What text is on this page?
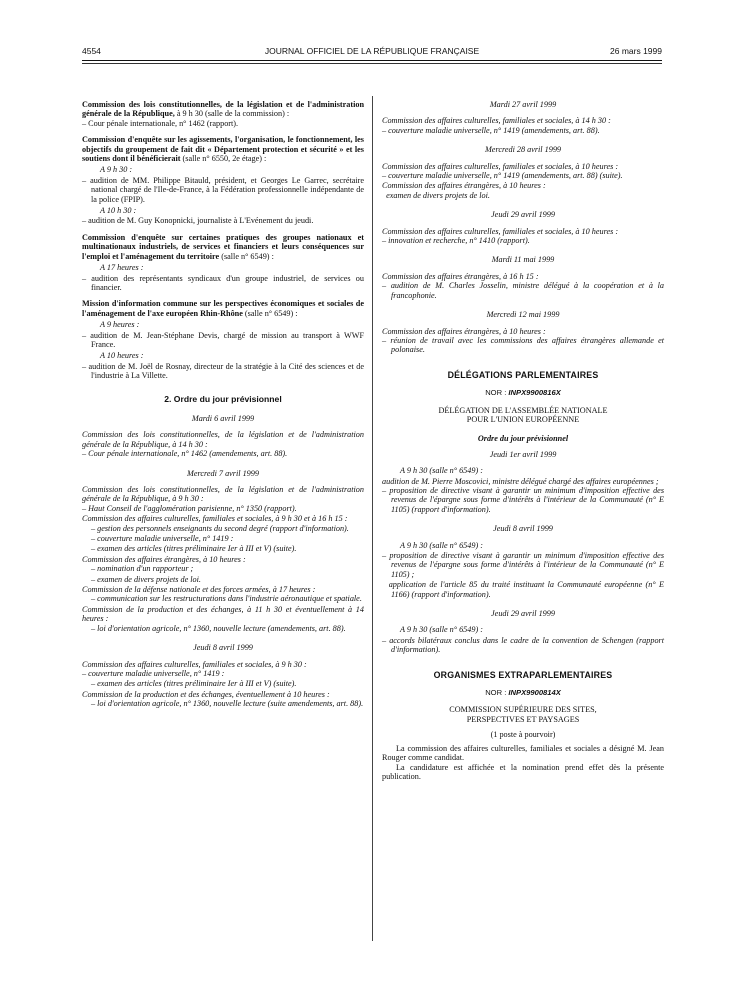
4554	JOURNAL OFFICIEL DE LA RÉPUBLIQUE FRANÇAISE	26 mars 1999

Commission des lois constitutionnelles, de la législation et de l'administration générale de la République, à 9 h 30 (salle de la commission) :

– Cour pénale internationale, n° 1462 (rapport).

Commission d'enquête sur les agissements, l'organisation, le fonctionnement, les objectifs du groupement de fait dit « Département protection et sécurité » et les soutiens dont il bénéficierait (salle n° 6550, 2e étage) :

A 9 h 30 :

– audition de MM. Philippe Bitauld, président, et Georges Le Garrec, secrétaire national chargé de l'Ile-de-France, à la Fédération professionnelle indépendante de la police (FPIP).

A 10 h 30 :

– audition de M. Guy Konopnicki, journaliste à L'Evénement du jeudi.

Commission d'enquête sur certaines pratiques des groupes nationaux et multinationaux industriels, de services et financiers et leurs conséquences sur l'emploi et l'aménagement du territoire (salle n° 6549) :

A 17 heures :

– audition des représentants syndicaux d'un groupe industriel, de services ou financier.

Mission d'information commune sur les perspectives économiques et sociales de l'aménagement de l'axe européen Rhin-Rhône (salle n° 6549) :

A 9 heures :

– audition de M. Jean-Stéphane Devis, chargé de mission au transport à WWF France.

A 10 heures :

– audition de M. Joël de Rosnay, directeur de la stratégie à la Cité des sciences et de l'industrie à La Villette.

2. Ordre du jour prévisionnel

Mardi 6 avril 1999

Commission des lois constitutionnelles, de la législation et de l'administration générale de la République, à 14 h 30 :

– Cour pénale internationale, n° 1462 (amendements, art. 88).

Mercredi 7 avril 1999

Commission des lois constitutionnelles, de la législation et de l'administration générale de la République, à 9 h 30 :

– Haut Conseil de l'agglomération parisienne, n° 1350 (rapport).

Commission des affaires culturelles, familiales et sociales, à 9 h 30 et à 16 h 15 :

– gestion des personnels enseignants du second degré (rapport d'information).

– couverture maladie universelle, n° 1419 :

– examen des articles (titres préliminaire Ier à III et V) (suite).

Commission des affaires étrangères, à 10 heures :

– nomination d'un rapporteur ;

– examen de divers projets de loi.

Commission de la défense nationale et des forces armées, à 17 heures :

– communication sur les restructurations dans l'industrie aéronautique et spatiale.

Commission de la production et des échanges, à 11 h 30 et éventuellement à 14 heures :

– loi d'orientation agricole, n° 1360, nouvelle lecture (amendements, art. 88).

Jeudi 8 avril 1999

Commission des affaires culturelles, familiales et sociales, à 9 h 30 :

– couverture maladie universelle, n° 1419 :

– examen des articles (titres préliminaire Ier à III et V) (suite).

Commission de la production et des échanges, éventuellement à 10 heures :

– loi d'orientation agricole, n° 1360, nouvelle lecture (suite amendements, art. 88).

Mardi 27 avril 1999

Commission des affaires culturelles, familiales et sociales, à 14 h 30 :

– couverture maladie universelle, n° 1419 (amendements, art. 88).

Mercredi 28 avril 1999

Commission des affaires culturelles, familiales et sociales, à 10 heures :

– couverture maladie universelle, n° 1419 (amendements, art. 88) (suite).

Commission des affaires étrangères, à 10 heures :

examen de divers projets de loi.

Jeudi 29 avril 1999

Commission des affaires culturelles, familiales et sociales, à 10 heures :

– innovation et recherche, n° 1410 (rapport).

Mardi 11 mai 1999

Commission des affaires étrangères, à 16 h 15 :

– audition de M. Charles Josselin, ministre délégué à la coopération et à la francophonie.

Mercredi 12 mai 1999

Commission des affaires étrangères, à 10 heures :

– réunion de travail avec les commissions des affaires étrangères allemande et polonaise.

DÉLÉGATIONS PARLEMENTAIRES

NOR : INPX9900816X

DÉLÉGATION DE L'ASSEMBLÉE NATIONALE

POUR L'UNION EUROPÉENNE

Ordre du jour prévisionnel

Jeudi 1er avril 1999

A 9 h 30 (salle n° 6549) :

audition de M. Pierre Moscovici, ministre délégué chargé des affaires européennes ;

– proposition de directive visant à garantir un minimum d'imposition effective des revenus de l'épargne sous forme d'intérêts à l'intérieur de la Communauté (n° E 1105) (rapport d'information).

Jeudi 8 avril 1999

A 9 h 30 (salle n° 6549) :

– proposition de directive visant à garantir un minimum d'imposition effective des revenus de l'épargne sous forme d'intérêts à l'intérieur de la Communauté (n° E 1105) ;

application de l'article 85 du traité instituant la Communauté européenne (n° E 1166) (rapport d'information).

Jeudi 29 avril 1999

A 9 h 30 (salle n° 6549) :

– accords bilatéraux conclus dans le cadre de la convention de Schengen (rapport d'information).

ORGANISMES EXTRAPARLEMENTAIRES

NOR : INPX9900814X

COMMISSION SUPÉRIEURE DES SITES,

PERSPECTIVES ET PAYSAGES

(1 poste à pourvoir)

La commission des affaires culturelles, familiales et sociales a désigné M. Jean Rouger comme candidat.

La candidature est affichée et la nomination prend effet dès la présente publication.
